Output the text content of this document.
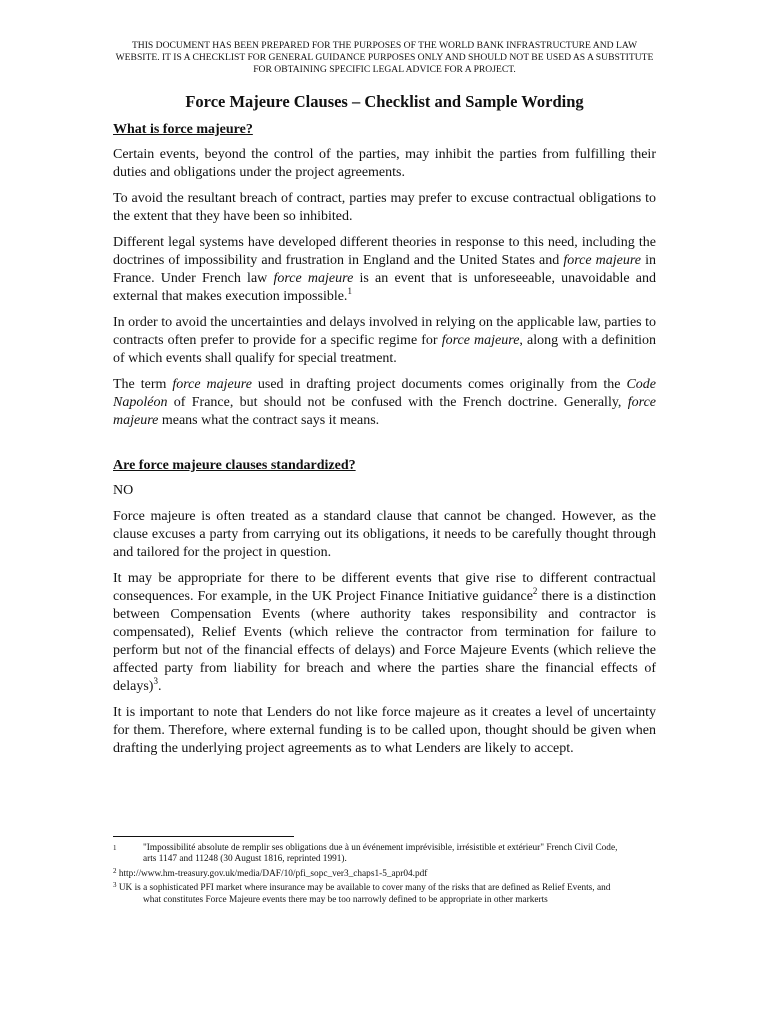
THIS DOCUMENT HAS BEEN PREPARED FOR THE PURPOSES OF THE WORLD BANK INFRASTRUCTURE AND LAW WEBSITE. IT IS A CHECKLIST FOR GENERAL GUIDANCE PURPOSES ONLY AND SHOULD NOT BE USED AS A SUBSTITUTE FOR OBTAINING SPECIFIC LEGAL ADVICE FOR A PROJECT.
Force Majeure Clauses – Checklist and Sample Wording
What is force majeure?

Certain events, beyond the control of the parties, may inhibit the parties from fulfilling their duties and obligations under the project agreements.

To avoid the resultant breach of contract, parties may prefer to excuse contractual obligations to the extent that they have been so inhibited.

Different legal systems have developed different theories in response to this need, including the doctrines of impossibility and frustration in England and the United States and force majeure in France. Under French law force majeure is an event that is unforeseeable, unavoidable and external that makes execution impossible.$^1$

In order to avoid the uncertainties and delays involved in relying on the applicable law, parties to contracts often prefer to provide for a specific regime for force majeure, along with a definition of which events shall qualify for special treatment.

The term force majeure used in drafting project documents comes originally from the Code Napoléon of France, but should not be confused with the French doctrine. Generally, force majeure means what the contract says it means.

Are force majeure clauses standardized?

NO

Force majeure is often treated as a standard clause that cannot be changed. However, as the clause excuses a party from carrying out its obligations, it needs to be carefully thought through and tailored for the project in question.

It may be appropriate for there to be different events that give rise to different contractual consequences. For example, in the UK Project Finance Initiative guidance$^2$ there is a distinction between Compensation Events (where authority takes responsibility and contractor is compensated), Relief Events (which relieve the contractor from termination for failure to perform but not of the financial effects of delays) and Force Majeure Events (which relieve the affected party from liability for breach and where the parties share the financial effects of delays)$^3$.

It is important to note that Lenders do not like force majeure as it creates a level of uncertainty for them. Therefore, where external funding is to be called upon, thought should be given when drafting the underlying project agreements as to what Lenders are likely to accept.

1	"Impossibilité absolute de remplir ses obligations due à un événement imprévisible, irrésistible et extérieur" French Civil Code,
arts 1147 and 11248 (30 August 1816, reprinted 1991).
$^2$ http://www.hm-treasury.gov.uk/media/DAF/10/pfi_sopc_ver3_chaps1-5_apr04.pdf
$^3$ UK is a sophisticated PFI market where insurance may be available to cover many of the risks that are defined as Relief Events, and
what constitutes Force Majeure events there may be too narrowly defined to be appropriate in other markerts
